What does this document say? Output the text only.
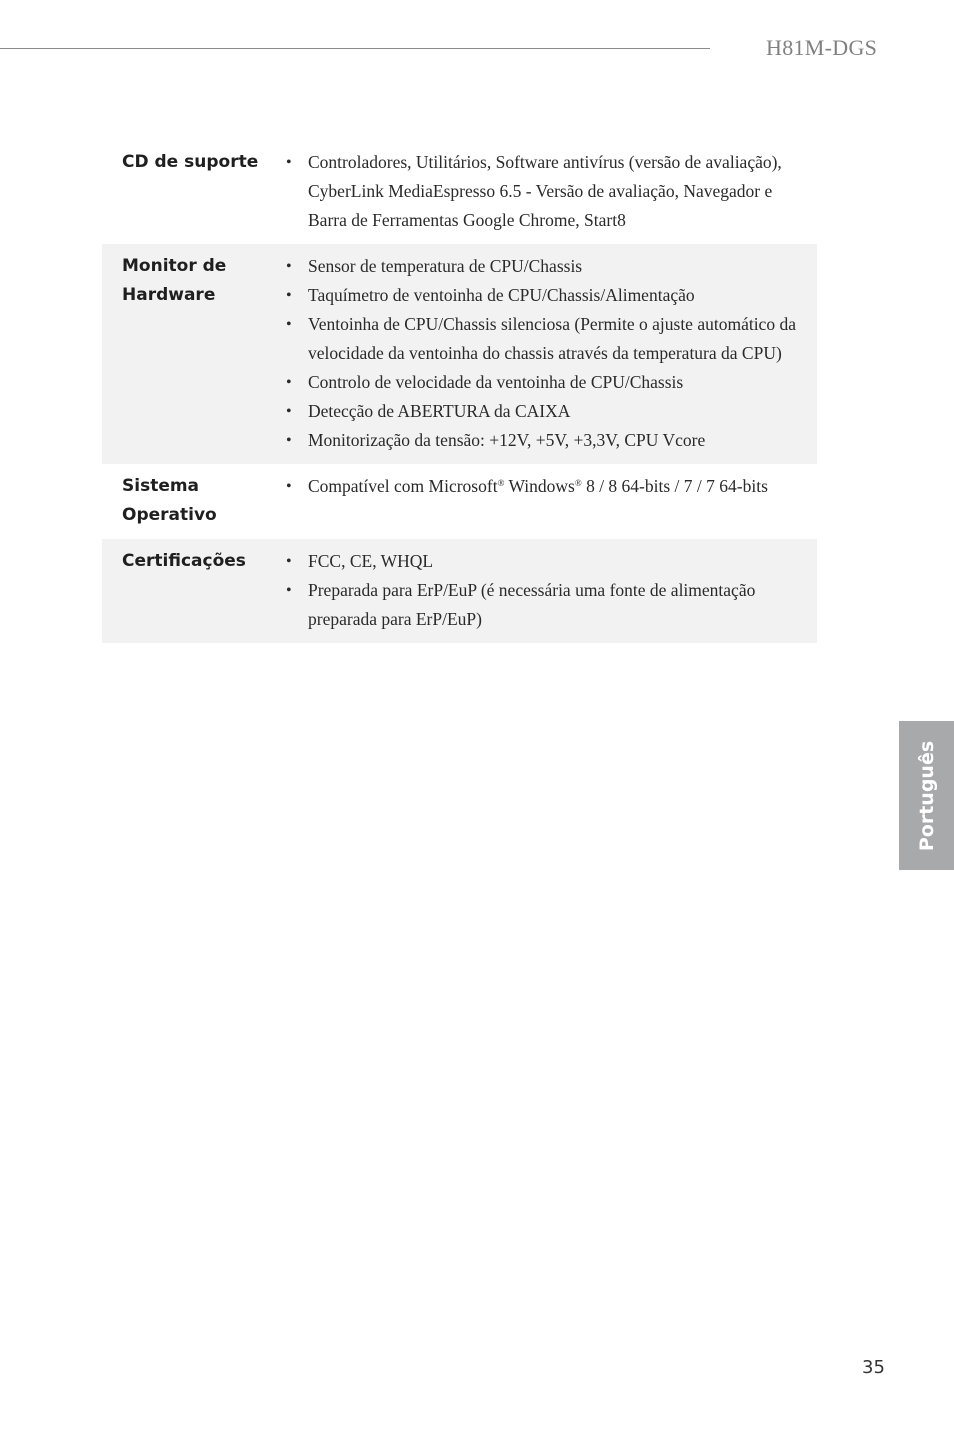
H81M-DGS
CD de suporte	• Controladores, Utilitários, Software antivírus (versão de avaliação), CyberLink MediaEspresso 6.5 - Versão de avaliação, Navegador e Barra de Ferramentas Google Chrome, Start8
Monitor de Hardware
• Sensor de temperatura de CPU/Chassis
• Taquímetro de ventoinha de CPU/Chassis/Alimentação
• Ventoinha de CPU/Chassis silenciosa (Permite o ajuste automático da velocidade da ventoinha do chassis através da temperatura da CPU)
• Controlo de velocidade da ventoinha de CPU/Chassis
• Detecção de ABERTURA da CAIXA
• Monitorização da tensão: +12V, +5V, +3,3V, CPU Vcore
Sistema Operativo
• Compatível com Microsoft® Windows® 8 / 8 64-bits / 7 / 7 64-bits
Certificações	• FCC, CE, WHQL
• Preparada para ErP/EuP (é necessária uma fonte de alimentação preparada para ErP/EuP)
Português
35
